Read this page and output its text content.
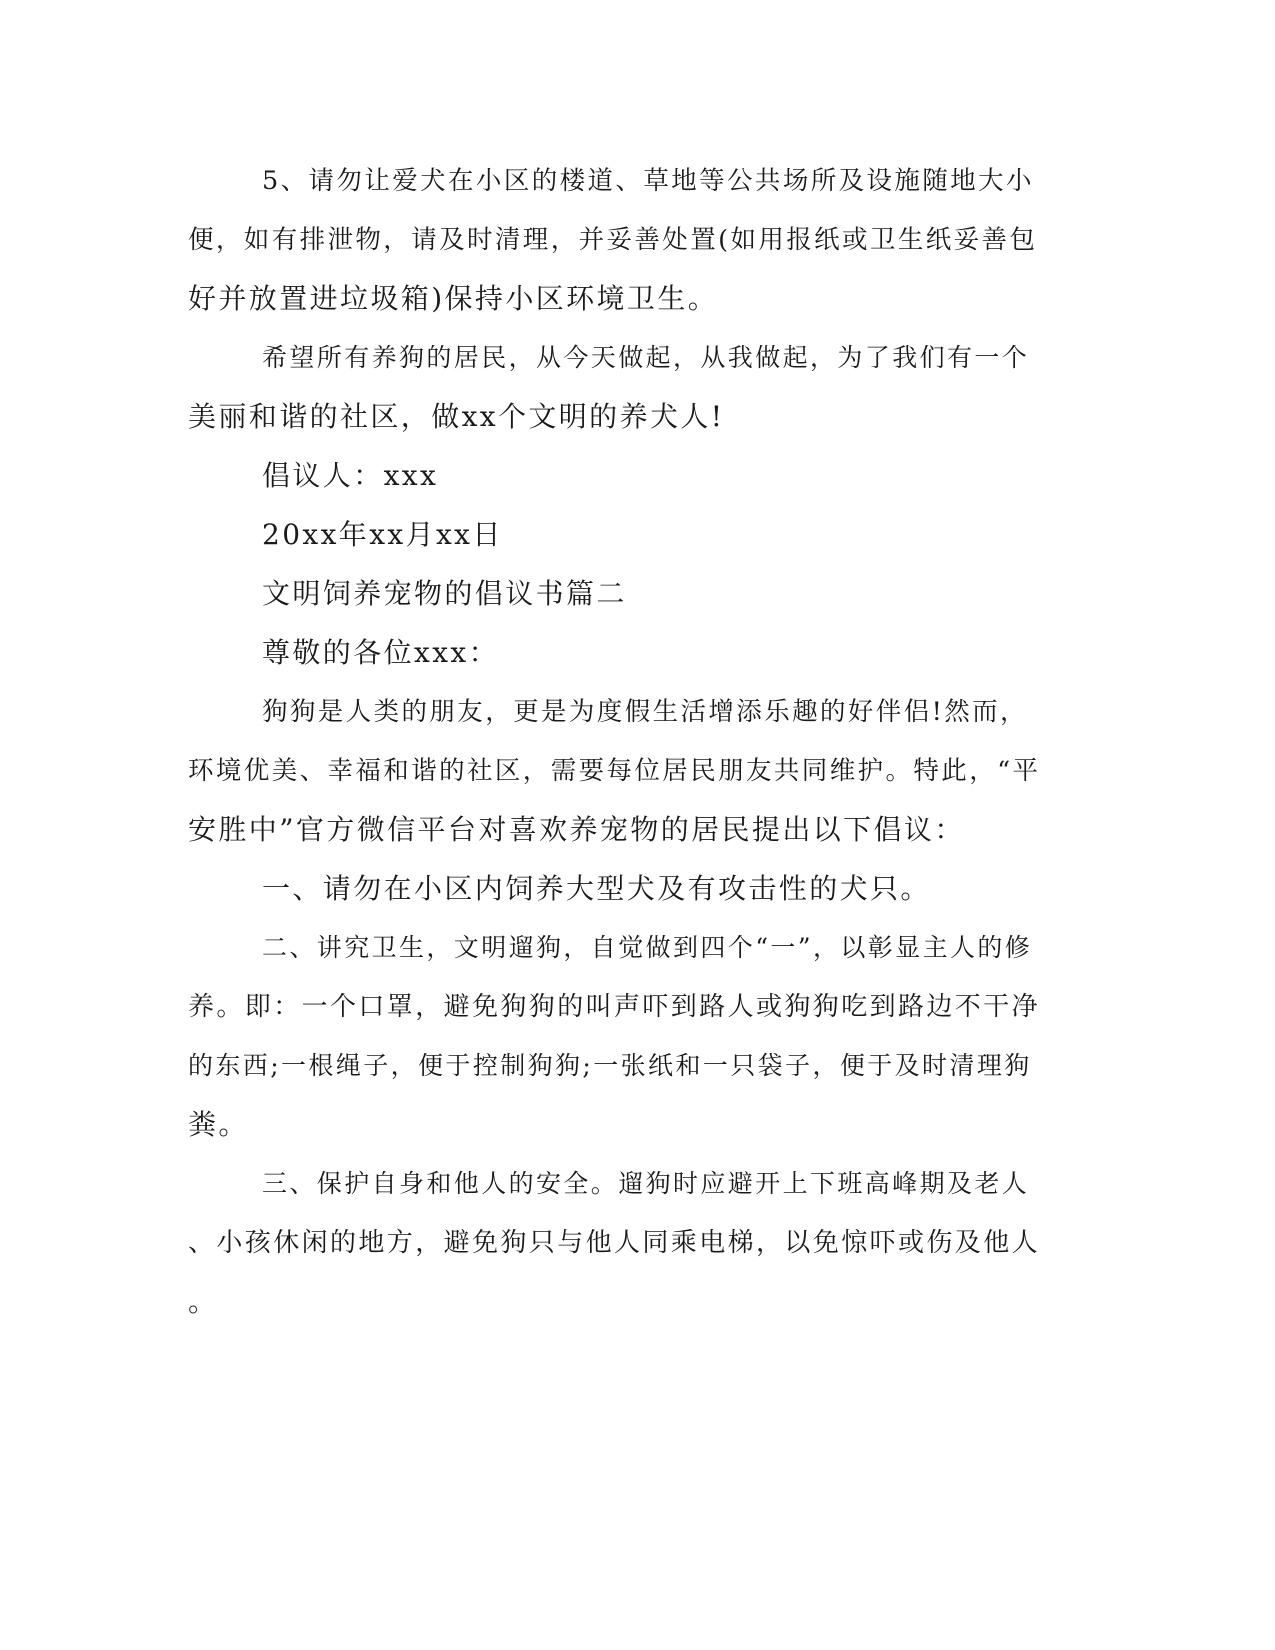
5、请勿让爱犬在小区的楼道、草地等公共场所及设施随地大小
便，如有排泄物，请及时清理，并妥善处置(如用报纸或卫生纸妥善包
好并放置进垃圾箱)保持小区环境卫生。
希望所有养狗的居民，从今天做起，从我做起，为了我们有一个
美丽和谐的社区，做xx个文明的养犬人!
倡议人：xxx
20xx年xx月xx日
文明饲养宠物的倡议书篇二
尊敬的各位xxx：
狗狗是人类的朋友，更是为度假生活增添乐趣的好伴侣!然而，
环境优美、幸福和谐的社区，需要每位居民朋友共同维护。特此，“平
安胜中”官方微信平台对喜欢养宠物的居民提出以下倡议：
一、请勿在小区内饲养大型犬及有攻击性的犬只。
二、讲究卫生，文明遛狗，自觉做到四个“一”，以彰显主人的修
养。即：一个口罩，避免狗狗的叫声吓到路人或狗狗吃到路边不干净
的东西;一根绳子，便于控制狗狗;一张纸和一只袋子，便于及时清理狗
粪。
三、保护自身和他人的安全。遛狗时应避开上下班高峰期及老人
、小孩休闲的地方，避免狗只与他人同乘电梯，以免惊吓或伤及他人
。
